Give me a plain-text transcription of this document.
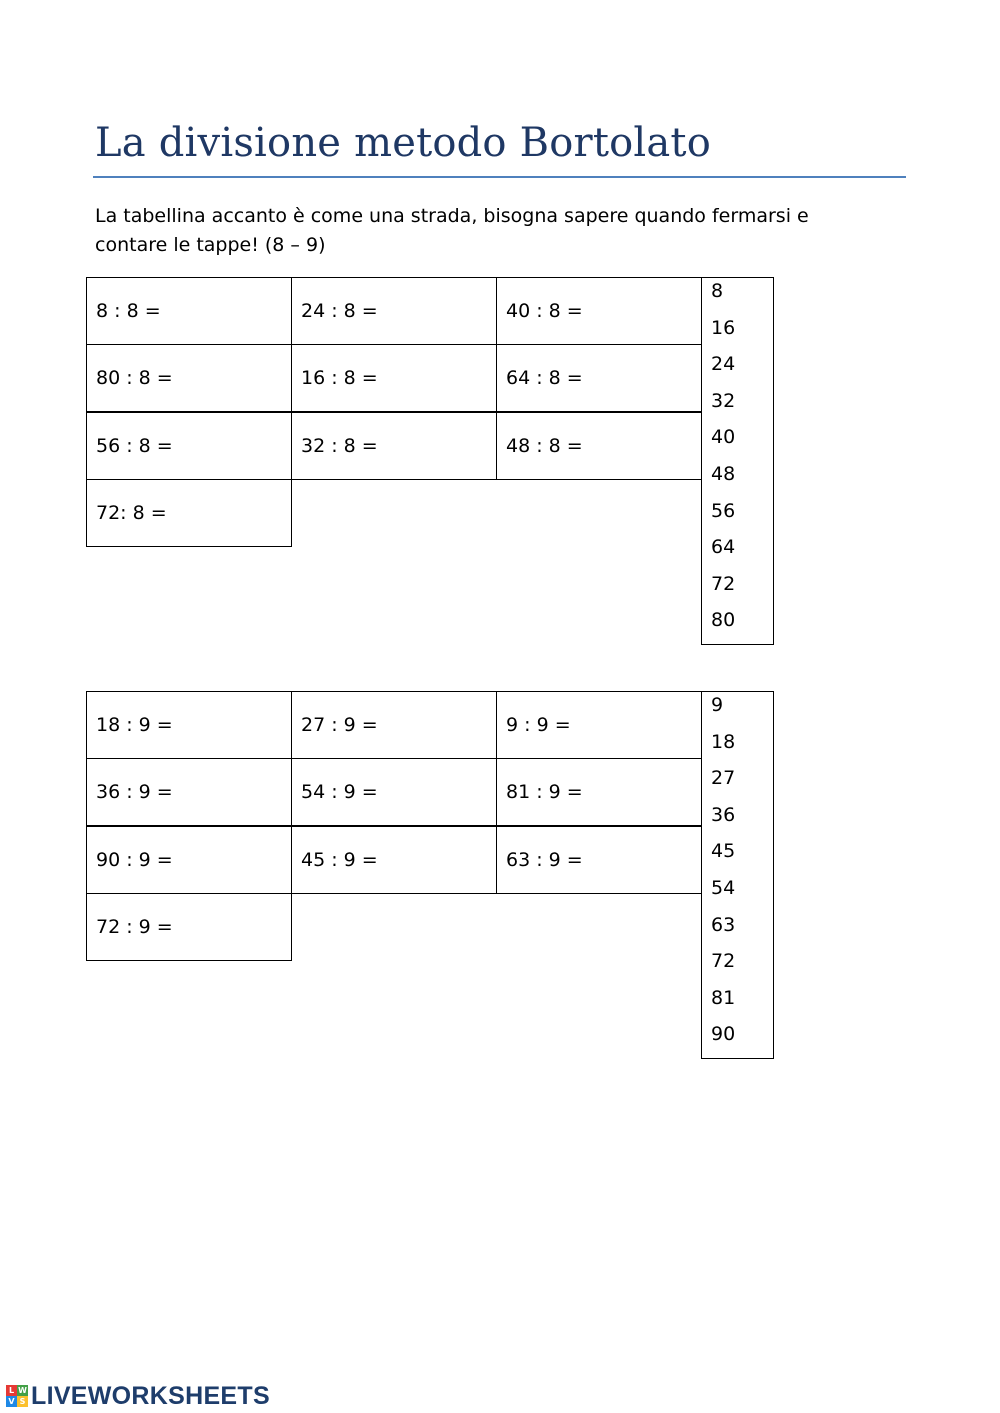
La divisione metodo Bortolato
La tabellina accanto è come una strada, bisogna sapere quando fermarsi e contare le tappe! (8 – 9)
8 : 8 =	24 : 8 =	40 : 8 =
80 : 8 =	16 : 8 =	64 : 8 =
56 : 8 =	32 : 8 =	48 : 8 =
72: 8 =
8
16
24
32
40
48
56
64
72
80
18 : 9 =	27 : 9 =	9 : 9 =
36 : 9 =	54 : 9 =	81 : 9 =
90 : 9 =	45 : 9 =	63 : 9 =
72 : 9 =
9
18
27
36
45
54
63
72
81
90
L W
V S LIVEWORKSHEETS
